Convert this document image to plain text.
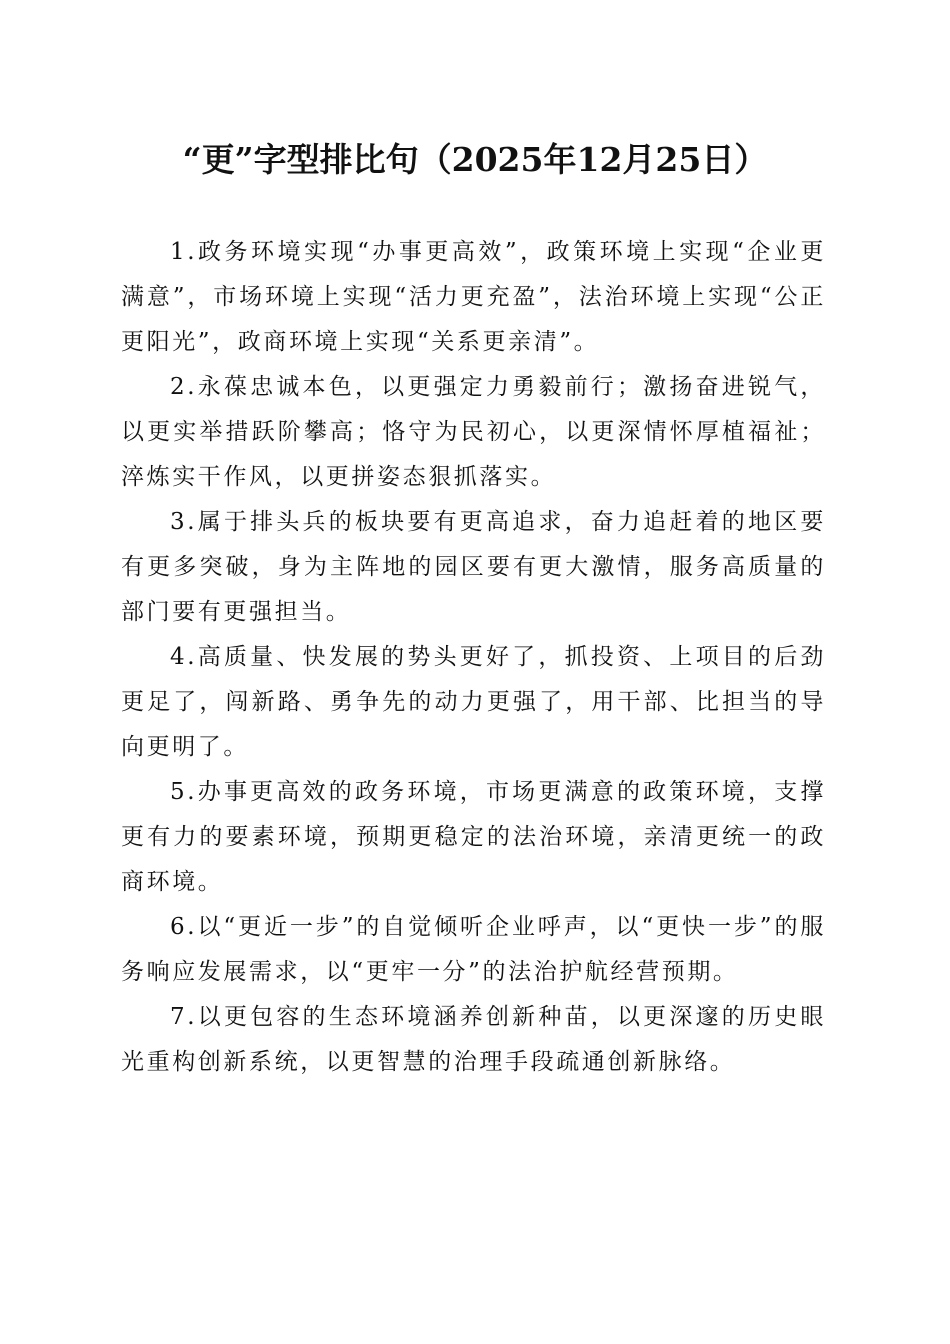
“更”字型排比句（2025年12月25日）

1.政务环境实现“办事更高效”，政策环境上实现“企业更满意”，市场环境上实现“活力更充盈”，法治环境上实现“公正更阳光”，政商环境上实现“关系更亲清”。

2.永葆忠诚本色，以更强定力勇毅前行；激扬奋进锐气，以更实举措跃阶攀高；恪守为民初心，以更深情怀厚植福祉；淬炼实干作风，以更拼姿态狠抓落实。

3.属于排头兵的板块要有更高追求，奋力追赶着的地区要有更多突破，身为主阵地的园区要有更大激情，服务高质量的部门要有更强担当。

4.高质量、快发展的势头更好了，抓投资、上项目的后劲更足了，闯新路、勇争先的动力更强了，用干部、比担当的导向更明了。

5.办事更高效的政务环境，市场更满意的政策环境，支撑更有力的要素环境，预期更稳定的法治环境，亲清更统一的政商环境。

6.以“更近一步”的自觉倾听企业呼声，以“更快一步”的服务响应发展需求，以“更牢一分”的法治护航经营预期。

7.以更包容的生态环境涵养创新种苗，以更深邃的历史眼光重构创新系统，以更智慧的治理手段疏通创新脉络。
